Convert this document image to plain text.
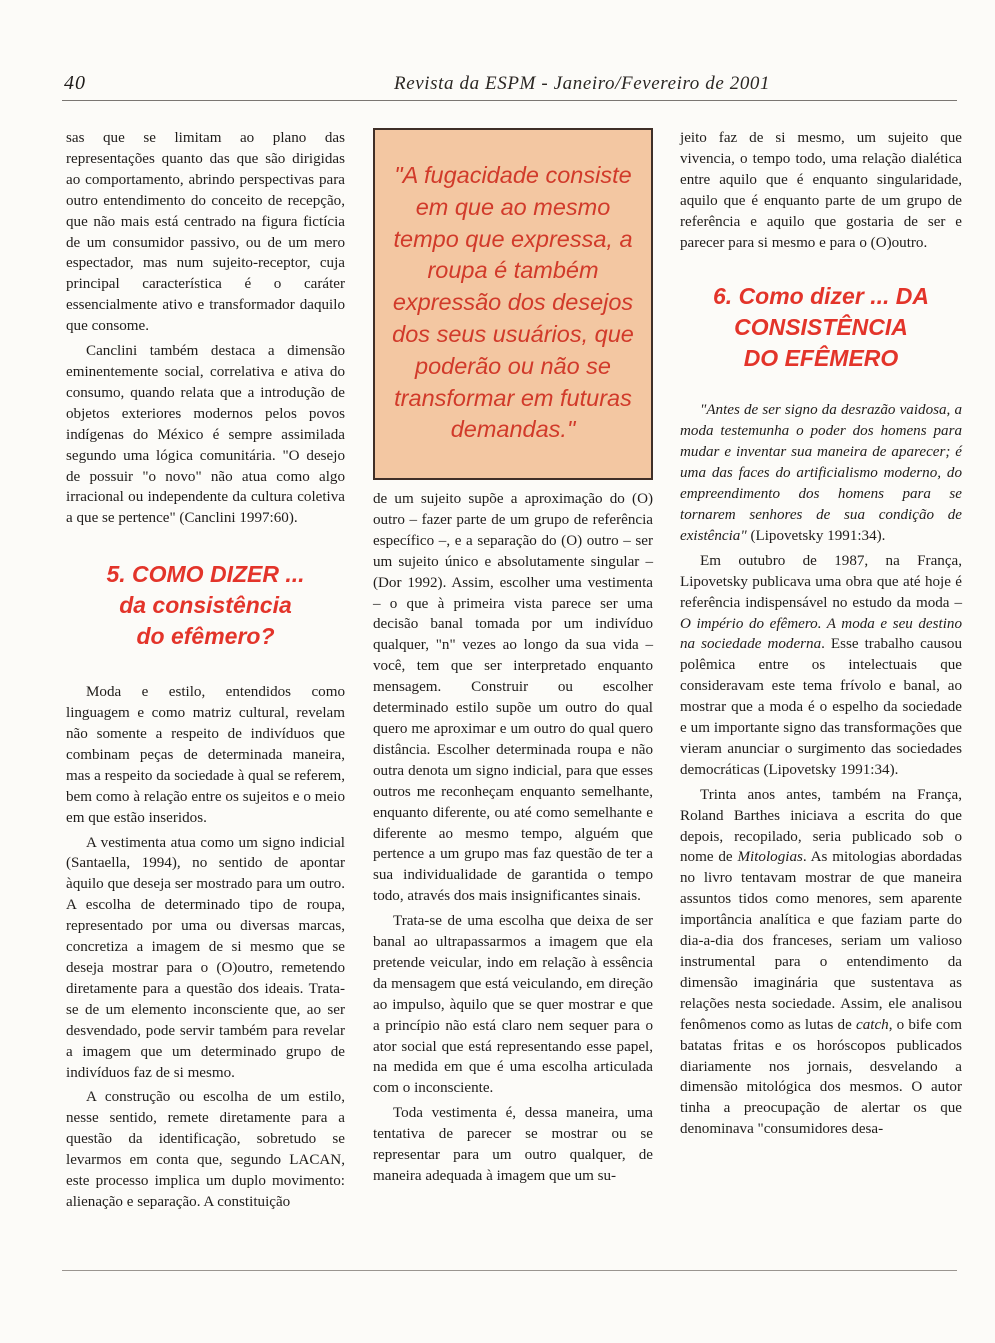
40	Revista da ESPM - Janeiro/Fevereiro de 2001

sas que se limitam ao plano das representações quanto das que são dirigidas ao comportamento, abrindo perspectivas para outro entendimento do conceito de recepção, que não mais está centrado na figura fictícia de um consumidor passivo, ou de um mero espectador, mas num sujeito-receptor, cuja principal característica é o caráter essencialmente ativo e transformador daquilo que consome.

Canclini também destaca a dimensão eminentemente social, correlativa e ativa do consumo, quando relata que a introdução de objetos exteriores modernos pelos povos indígenas do México é sempre assimilada segundo uma lógica comunitária. "O desejo de possuir "o novo" não atua como algo irracional ou independente da cultura coletiva a que se pertence" (Canclini 1997:60).

5. COMO DIZER ...
da consistência
do efêmero?

Moda e estilo, entendidos como linguagem e como matriz cultural, revelam não somente a respeito de indivíduos que combinam peças de determinada maneira, mas a respeito da sociedade à qual se referem, bem como à relação entre os sujeitos e o meio em que estão inseridos.

A vestimenta atua como um signo indicial (Santaella, 1994), no sentido de apontar àquilo que deseja ser mostrado para um outro. A escolha de determinado tipo de roupa, representado por uma ou diversas marcas, concretiza a imagem de si mesmo que se deseja mostrar para o (O)outro, remetendo diretamente para a questão dos ideais. Trata-se de um elemento inconsciente que, ao ser desvendado, pode servir também para revelar a imagem que um determinado grupo de indivíduos faz de si mesmo.

A construção ou escolha de um estilo, nesse sentido, remete diretamente para a questão da identificação, sobretudo se levarmos em conta que, segundo LACAN, este processo implica um duplo movimento: alienação e separação. A constituição

"A fugacidade consiste
em que ao mesmo
tempo que expressa, a
roupa é também
expressão dos desejos
dos seus usuários, que
poderão ou não se
transformar em futuras
demandas."

de um sujeito supõe a aproximação do (O) outro – fazer parte de um grupo de referência específico –, e a separação do (O) outro – ser um sujeito único e absolutamente singular – (Dor 1992). Assim, escolher uma vestimenta – o que à primeira vista parece ser uma decisão banal tomada por um indivíduo qualquer, "n" vezes ao longo da sua vida – você, tem que ser interpretado enquanto mensagem. Construir ou escolher determinado estilo supõe um outro do qual quero me aproximar e um outro do qual quero distância. Escolher determinada roupa e não outra denota um signo indicial, para que esses outros me reconheçam enquanto semelhante, enquanto diferente, ou até como semelhante e diferente ao mesmo tempo, alguém que pertence a um grupo mas faz questão de ter a sua individualidade de garantida o tempo todo, através dos mais insignificantes sinais.

Trata-se de uma escolha que deixa de ser banal ao ultrapassarmos a imagem que ela pretende veicular, indo em relação à essência da mensagem que está veiculando, em direção ao impulso, àquilo que se quer mostrar e que a princípio não está claro nem sequer para o ator social que está representando esse papel, na medida em que é uma escolha articulada com o inconsciente.

Toda vestimenta é, dessa maneira, uma tentativa de parecer se mostrar ou se representar para um outro qualquer, de maneira adequada à imagem que um su-

jeito faz de si mesmo, um sujeito que vivencia, o tempo todo, uma relação dialética entre aquilo que é enquanto singularidade, aquilo que é enquanto parte de um grupo de referência e aquilo que gostaria de ser e parecer para si mesmo e para o (O)outro.

6. Como dizer ... DA
CONSISTÊNCIA
DO EFÊMERO

"Antes de ser signo da desrazão vaidosa, a moda testemunha o poder dos homens para mudar e inventar sua maneira de aparecer; é uma das faces do artificialismo moderno, do empreendimento dos homens para se tornarem senhores de sua condição de existência" (Lipovetsky 1991:34).

Em outubro de 1987, na França, Lipovetsky publicava uma obra que até hoje é referência indispensável no estudo da moda – O império do efêmero. A moda e seu destino na sociedade moderna. Esse trabalho causou polêmica entre os intelectuais que consideravam este tema frívolo e banal, ao mostrar que a moda é o espelho da sociedade e um importante signo das transformações que vieram anunciar o surgimento das sociedades democráticas (Lipovetsky 1991:34).

Trinta anos antes, também na França, Roland Barthes iniciava a escrita do que depois, recopilado, seria publicado sob o nome de Mitologias. As mitologias abordadas no livro tentavam mostrar de que maneira assuntos tidos como menores, sem aparente importância analítica e que faziam parte do dia-a-dia dos franceses, seriam um valioso instrumental para o entendimento da dimensão imaginária que sustentava as relações nesta sociedade. Assim, ele analisou fenômenos como as lutas de catch, o bife com batatas fritas e os horóscopos publicados diariamente nos jornais, desvelando a dimensão mitológica dos mesmos. O autor tinha a preocupação de alertar os que denominava "consumidores desa-
